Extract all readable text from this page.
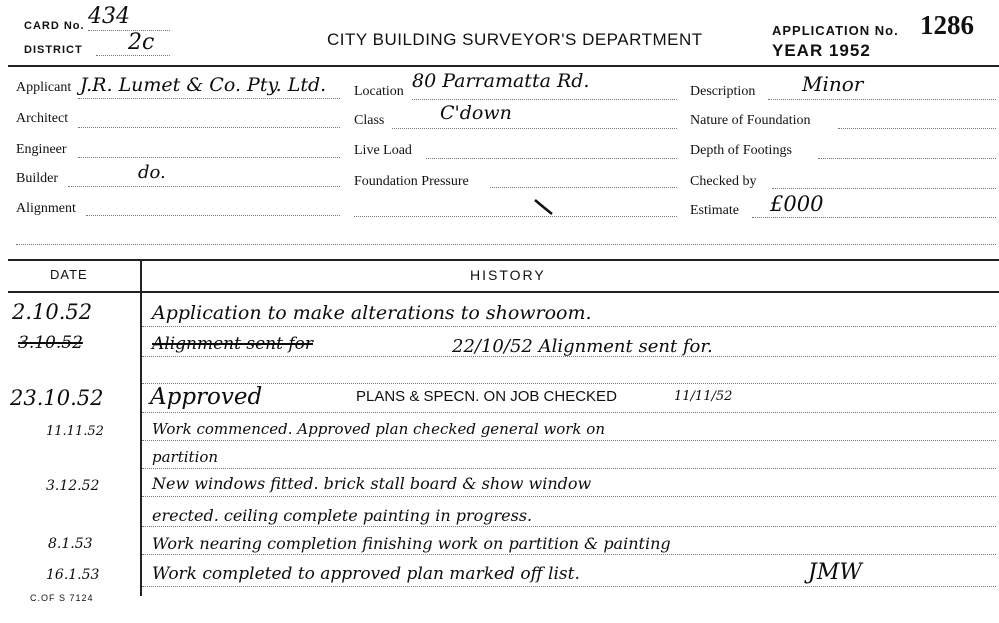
CARD No. 434
DISTRICT 2c	CITY BUILDING SURVEYOR'S DEPARTMENT	APPLICATION No. 1286
YEAR 1952
Applicant J.R. Lumet & Co. Pty. Ltd.
Architect
Engineer
Builder	do.
Alignment
Location 80 Parramatta Rd.
Class	C'down
Live Load
Foundation Pressure
Description Minor
Nature of Foundation
Depth of Footings
Checked by
Estimate £000
DATE	HISTORY
2.10.52	Application to make alterations to showroom.
3.10.52	Alignment sent for	22/10/52 Alignment sent for.
23.10.52 Approved	PLANS & SPECN. ON JOB CHECKED	11/11/52
11.11.52	Work commenced. Approved plan checked general work on
partition
3.12.52	New windows fitted. brick stall board & show window
erected. ceiling complete painting in progress.
8.1.53	Work nearing completion finishing work on partition & painting
16.1.53	Work completed to approved plan marked off list.	JMW
C.OF S 7124
